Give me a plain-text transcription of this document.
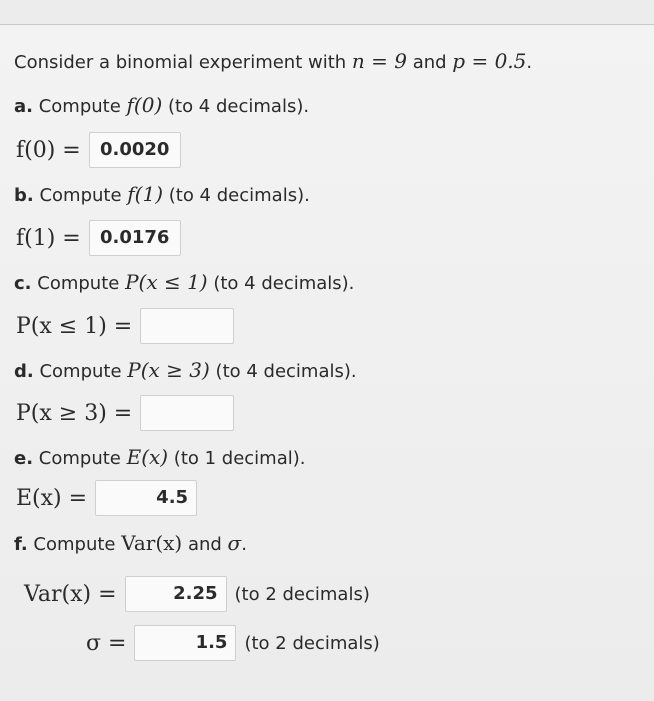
Consider a binomial experiment with n = 9 and p = 0.5.
a. Compute f(0) (to 4 decimals).
f(0) =	0.0020
b. Compute f(1) (to 4 decimals).
f(1) =	0.0176
c. Compute P(x ≤ 1) (to 4 decimals).
P(x ≤ 1) =
d. Compute P(x ≥ 3) (to 4 decimals).
P(x ≥ 3) =
e. Compute E(x) (to 1 decimal).
E(x) =	4.5
f. Compute Var(x) and σ.
Var(x) =	2.25 (to 2 decimals)
σ =	1.5 (to 2 decimals)
